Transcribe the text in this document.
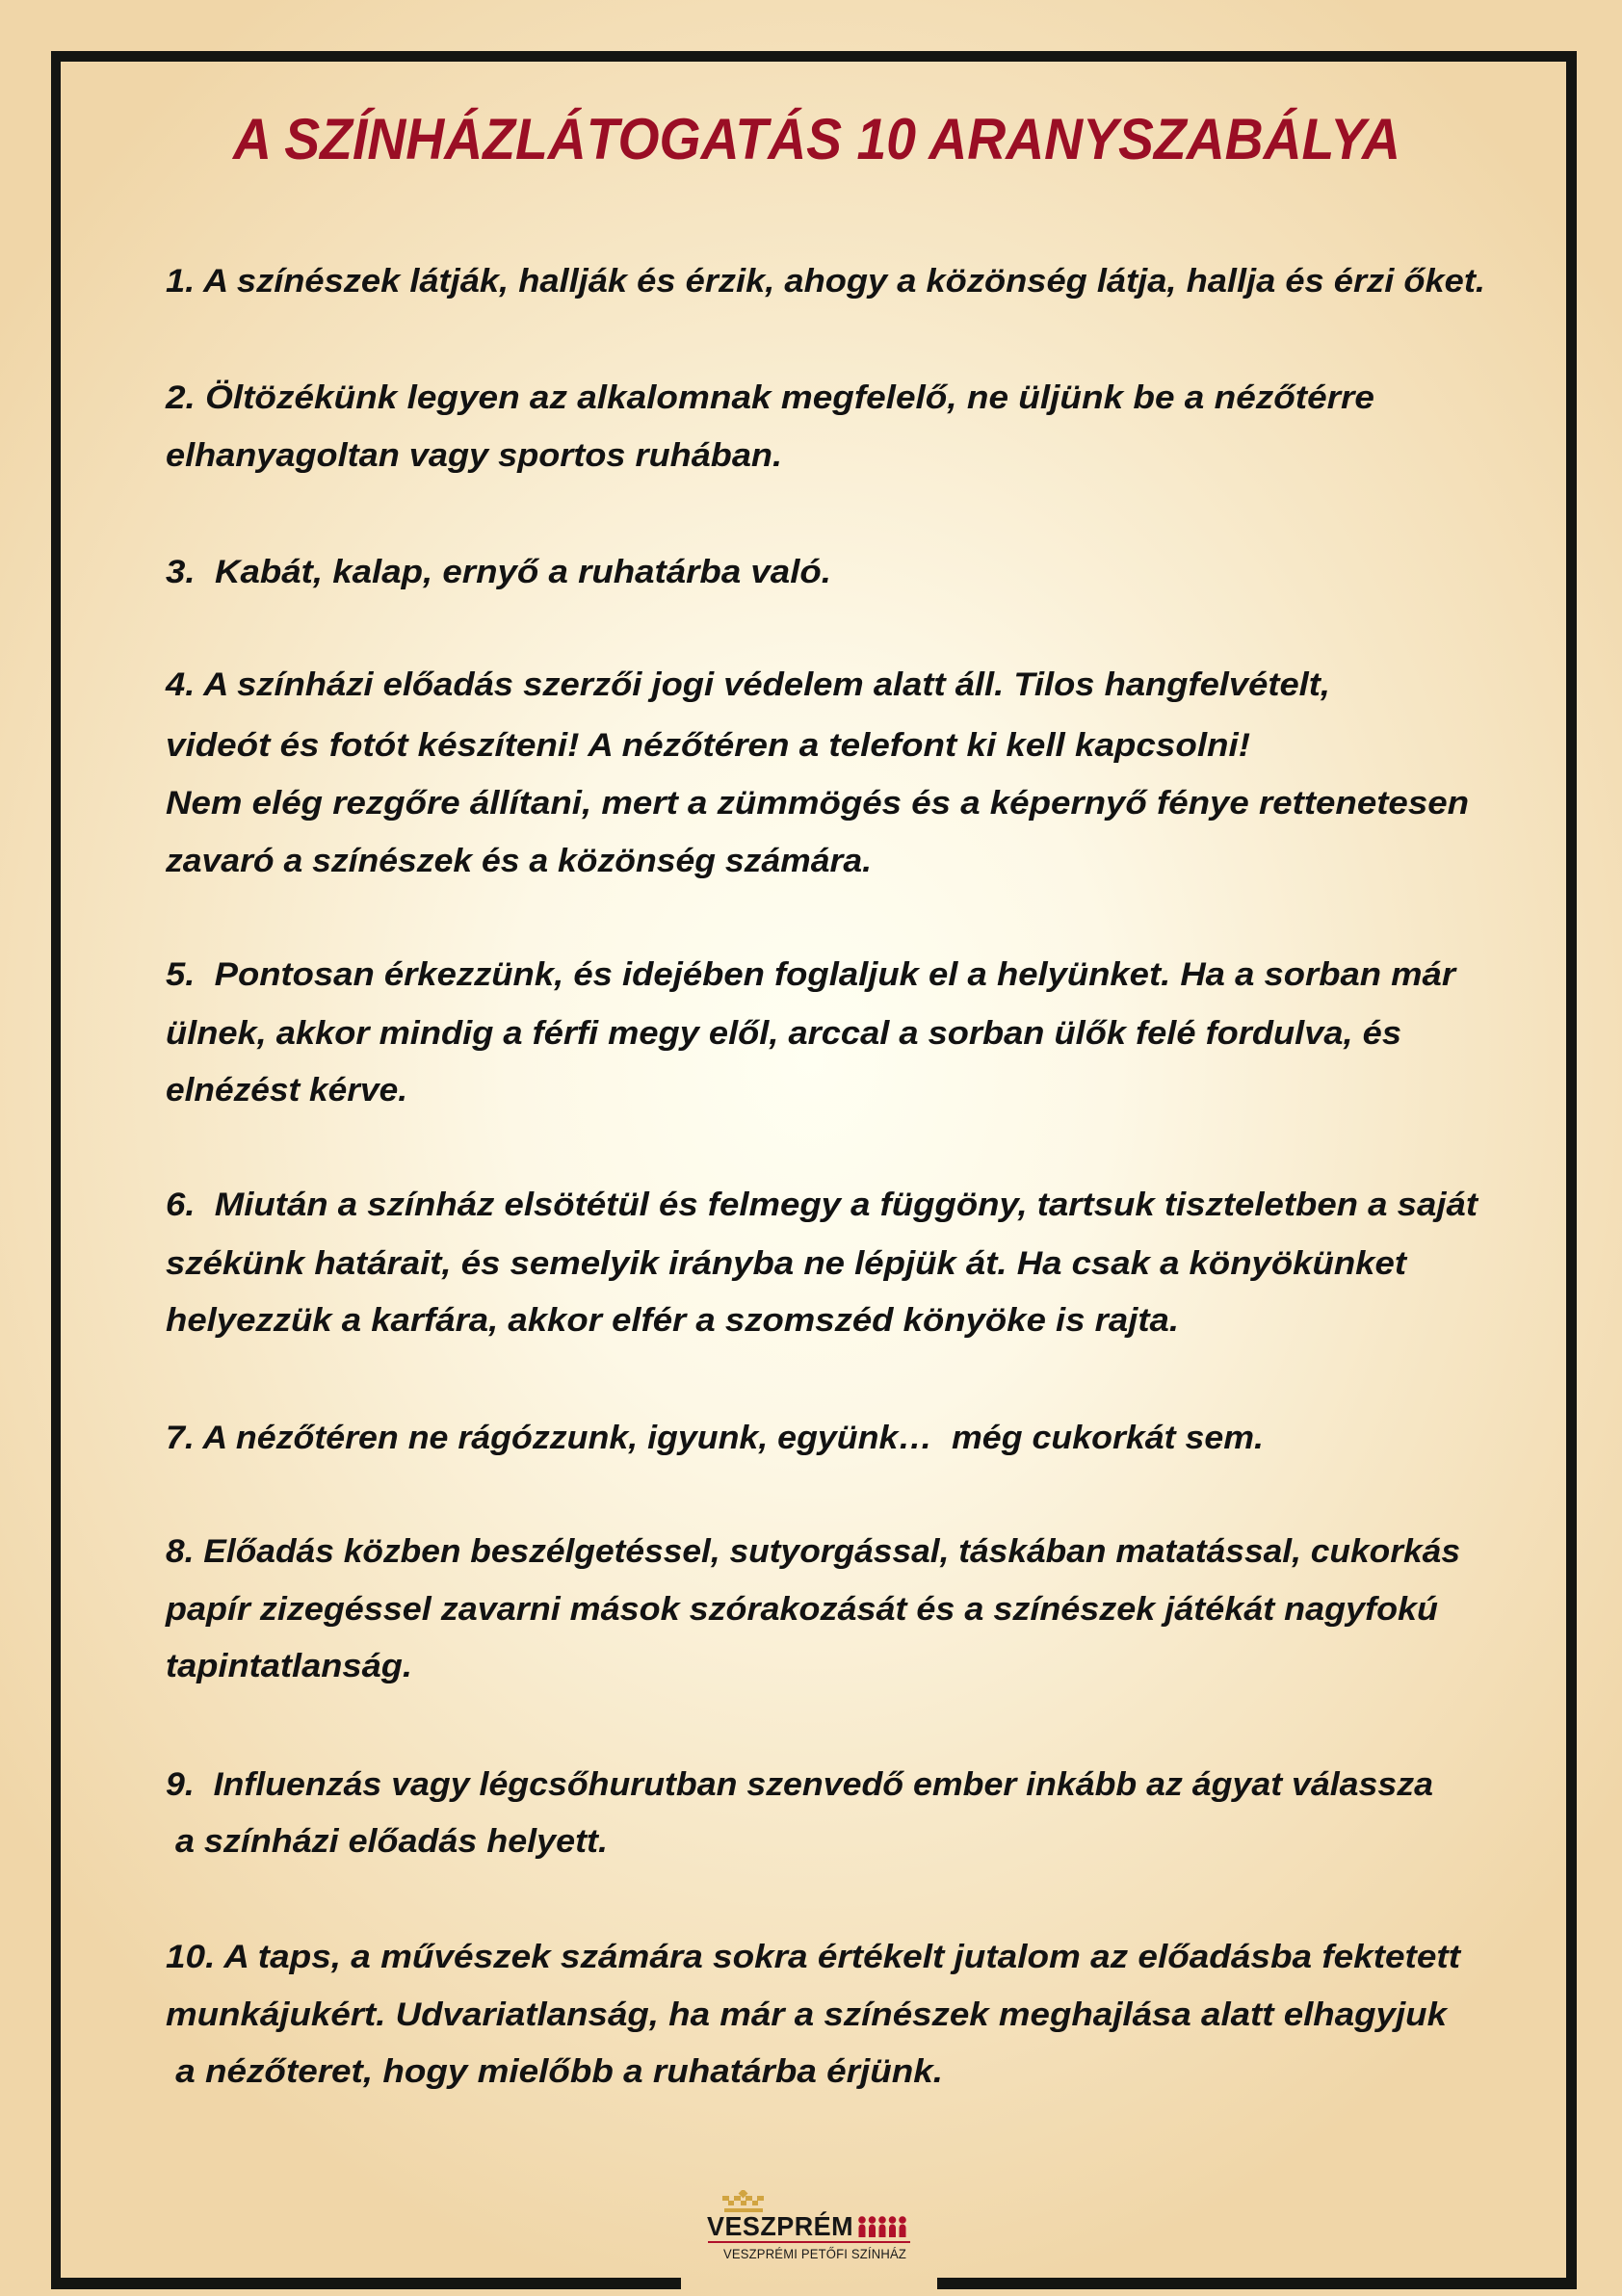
A SZÍNHÁZLÁTOGATÁS 10 ARANYSZABÁLYA
1. A színészek látják, hallják és érzik, ahogy a közönség látja, hallja és érzi őket.
2. Öltözékünk legyen az alkalomnak megfelelő, ne üljünk be a nézőtérre
elhanyagoltan vagy sportos ruhában.
3.  Kabát, kalap, ernyő a ruhatárba való.
4. A színházi előadás szerzői jogi védelem alatt áll. Tilos hangfelvételt,
videót és fotót készíteni! A nézőtéren a telefont ki kell kapcsolni!
Nem elég rezgőre állítani, mert a zümmögés és a képernyő fénye rettenetesen
zavaró a színészek és a közönség számára.
5.  Pontosan érkezzünk, és idejében foglaljuk el a helyünket. Ha a sorban már
ülnek, akkor mindig a férfi megy elől, arccal a sorban ülők felé fordulva, és
elnézést kérve.
6.  Miután a színház elsötétül és felmegy a függöny, tartsuk tiszteletben a saját
székünk határait, és semelyik irányba ne lépjük át. Ha csak a könyökünket
helyezzük a karfára, akkor elfér a szomszéd könyöke is rajta.
7. A nézőtéren ne rágózzunk, igyunk, együnk…  még cukorkát sem.
8. Előadás közben beszélgetéssel, sutyorgással, táskában matatással, cukorkás
papír zizegéssel zavarni mások szórakozását és a színészek játékát nagyfokú
tapintatlanság.
9.  Influenzás vagy légcsőhurutban szenvedő ember inkább az ágyat válassza
a színházi előadás helyett.
10. A taps, a művészek számára sokra értékelt jutalom az előadásba fektetett
munkájukért. Udvariatlanság, ha már a színészek meghajlása alatt elhagyjuk
a nézőteret, hogy mielőbb a ruhatárba érjünk.
VESZPRÉM
VESZPRÉMI PETŐFI SZÍNHÁZ
